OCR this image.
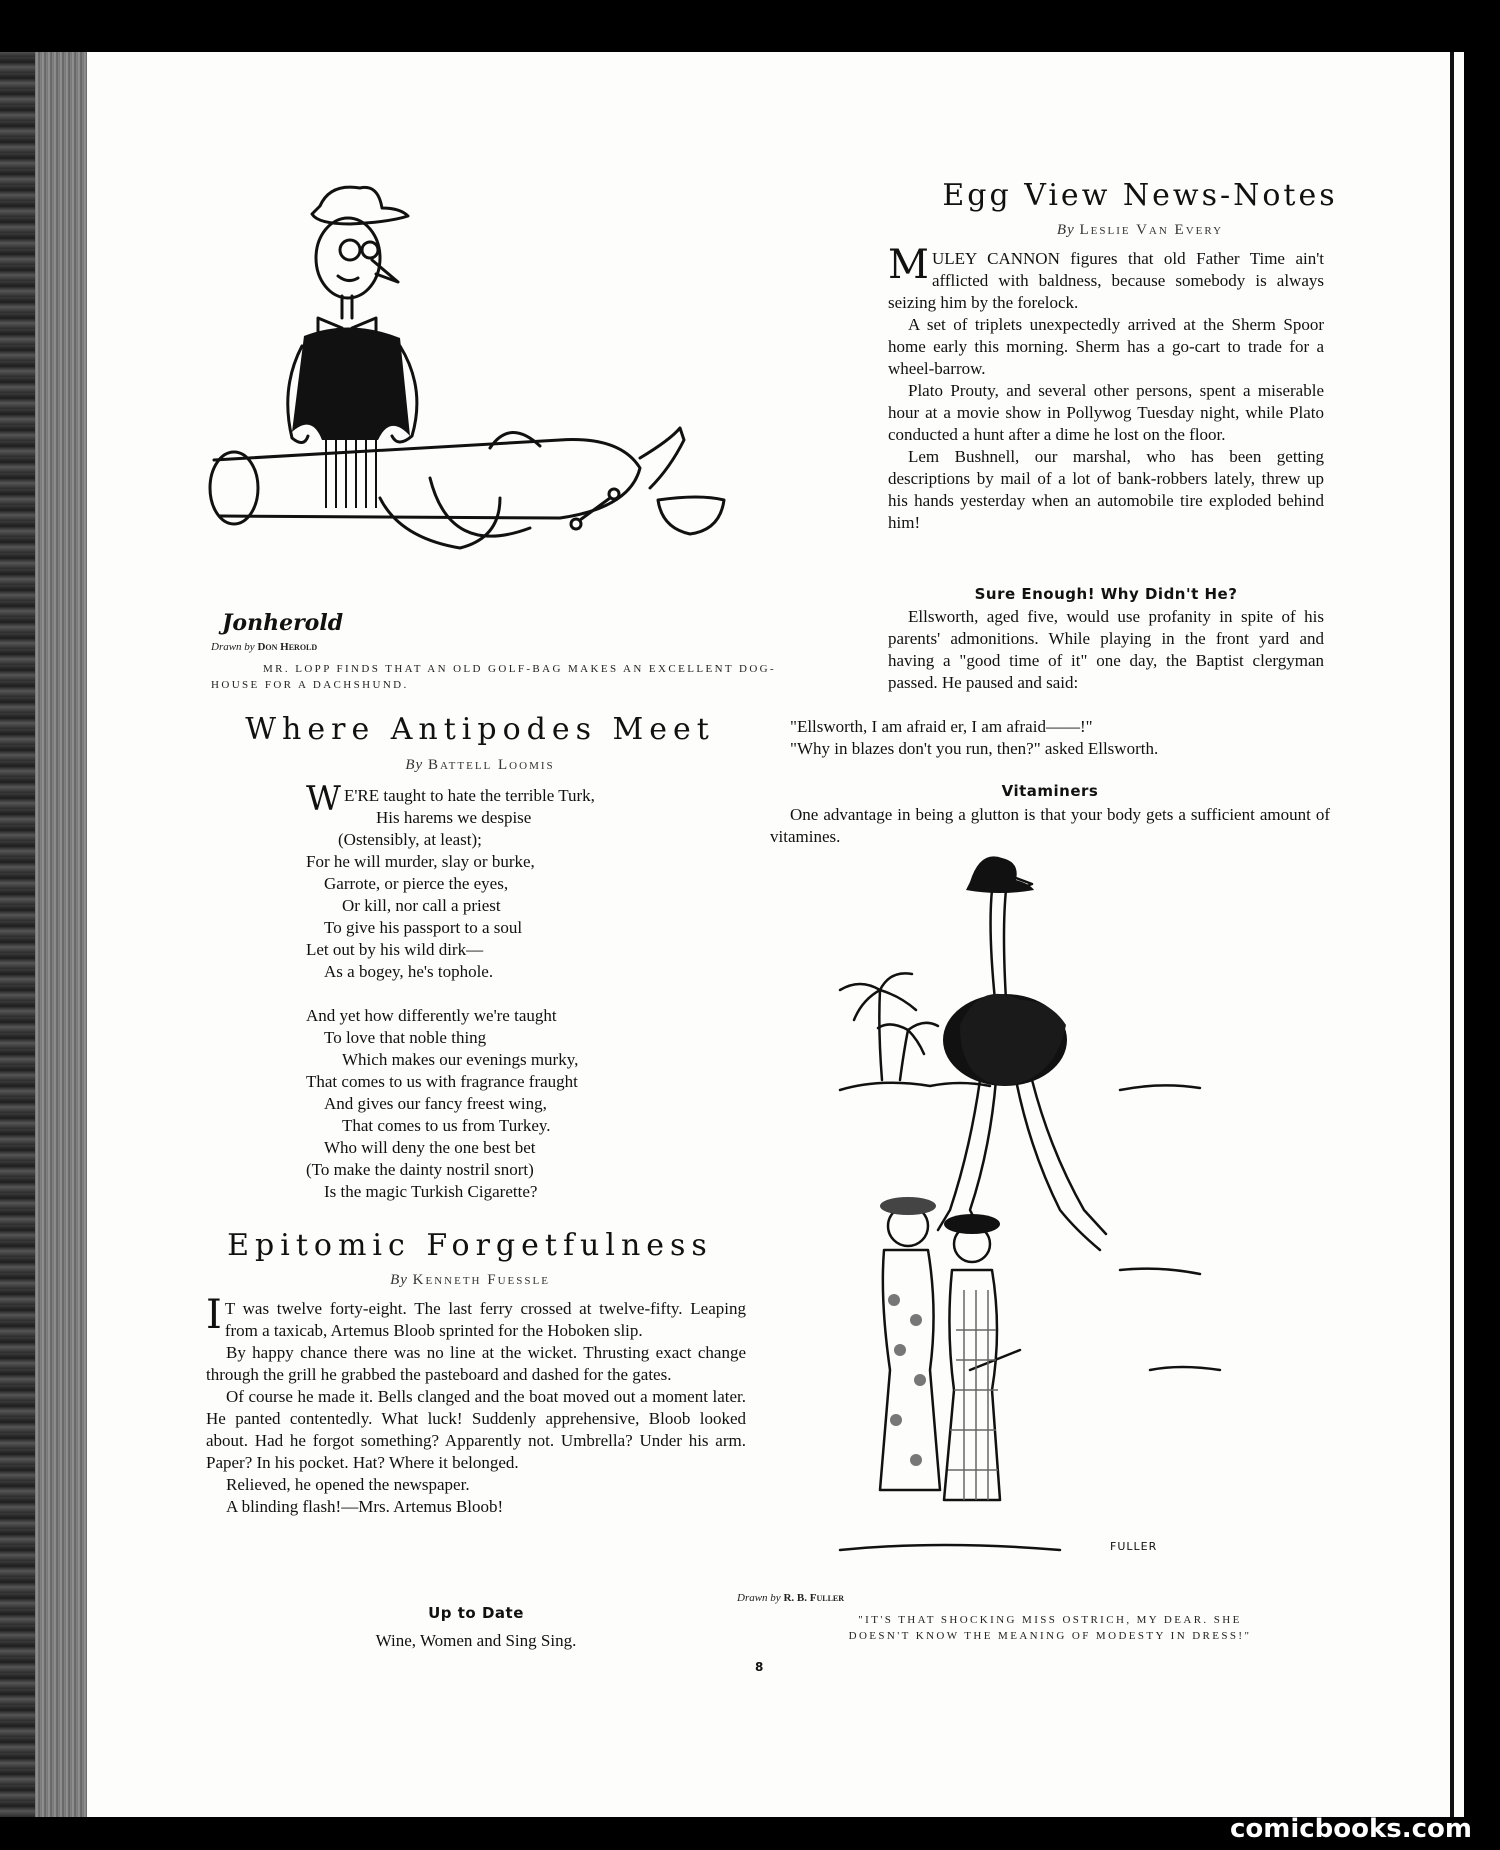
Jonherold
Drawn by Don Herold
MR. LOPP FINDS THAT AN OLD GOLF-BAG MAKES AN EXCELLENT DOG-
HOUSE FOR A DACHSHUND.
Where Antipodes Meet
By Battell Loomis
W E'RE taught to hate the terrible Turk,
His harems we despise
(Ostensibly, at least);
For he will murder, slay or burke,
Garrote, or pierce the eyes,
Or kill, nor call a priest
To give his passport to a soul
Let out by his wild dirk—
As a bogey, he's tophole.
And yet how differently we're taught
To love that noble thing
Which makes our evenings murky,
That comes to us with fragrance fraught
And gives our fancy freest wing,
That comes to us from Turkey.
Who will deny the one best bet
(To make the dainty nostril snort)
Is the magic Turkish Cigarette?
Epitomic Forgetfulness
By Kenneth Fuessle

I T was twelve forty-eight. The last ferry crossed at twelve-fifty. Leaping from a taxicab, Artemus Bloob sprinted for the Hoboken slip.

By happy chance there was no line at the wicket. Thrusting exact change through the grill he grabbed the pasteboard and dashed for the gates.

Of course he made it. Bells clanged and the boat moved out a moment later. He panted contentedly. What luck! Suddenly apprehensive, Bloob looked about. Had he forgot something? Apparently not. Umbrella? Under his arm. Paper? In his pocket. Hat? Where it belonged.

Relieved, he opened the newspaper.

A blinding flash!—Mrs. Artemus Bloob!

Up to Date
Wine, Women and Sing Sing.
Egg View News-Notes
By Leslie Van Every

MULEY CANNON figures that old Father Time ain't afflicted with baldness, because somebody is always seizing him by the forelock.

A set of triplets unexpectedly arrived at the Sherm Spoor home early this morning. Sherm has a go-cart to trade for a wheel-barrow.

Plato Prouty, and several other persons, spent a miserable hour at a movie show in Pollywog Tuesday night, while Plato conducted a hunt after a dime he lost on the floor.

Lem Bushnell, our marshal, who has been getting descriptions by mail of a lot of bank-robbers lately, threw up his hands yesterday when an automobile tire exploded behind him!

Sure Enough! Why Didn't He?

Ellsworth, aged five, would use profanity in spite of his parents' admonitions. While playing in the front yard and having a "good time of it" one day, the Baptist clergyman passed. He paused and said:

"Ellsworth, I am afraid er, I am afraid——!"

"Why in blazes don't you run, then?" asked Ellsworth.

Vitaminers

One advantage in being a glutton is that your body gets a sufficient amount of vitamines.

FULLER
Drawn by R. B. Fuller
"IT'S THAT SHOCKING MISS OSTRICH, MY DEAR. SHE
DOESN'T KNOW THE MEANING OF MODESTY IN DRESS!"
8
comicbooks.com
